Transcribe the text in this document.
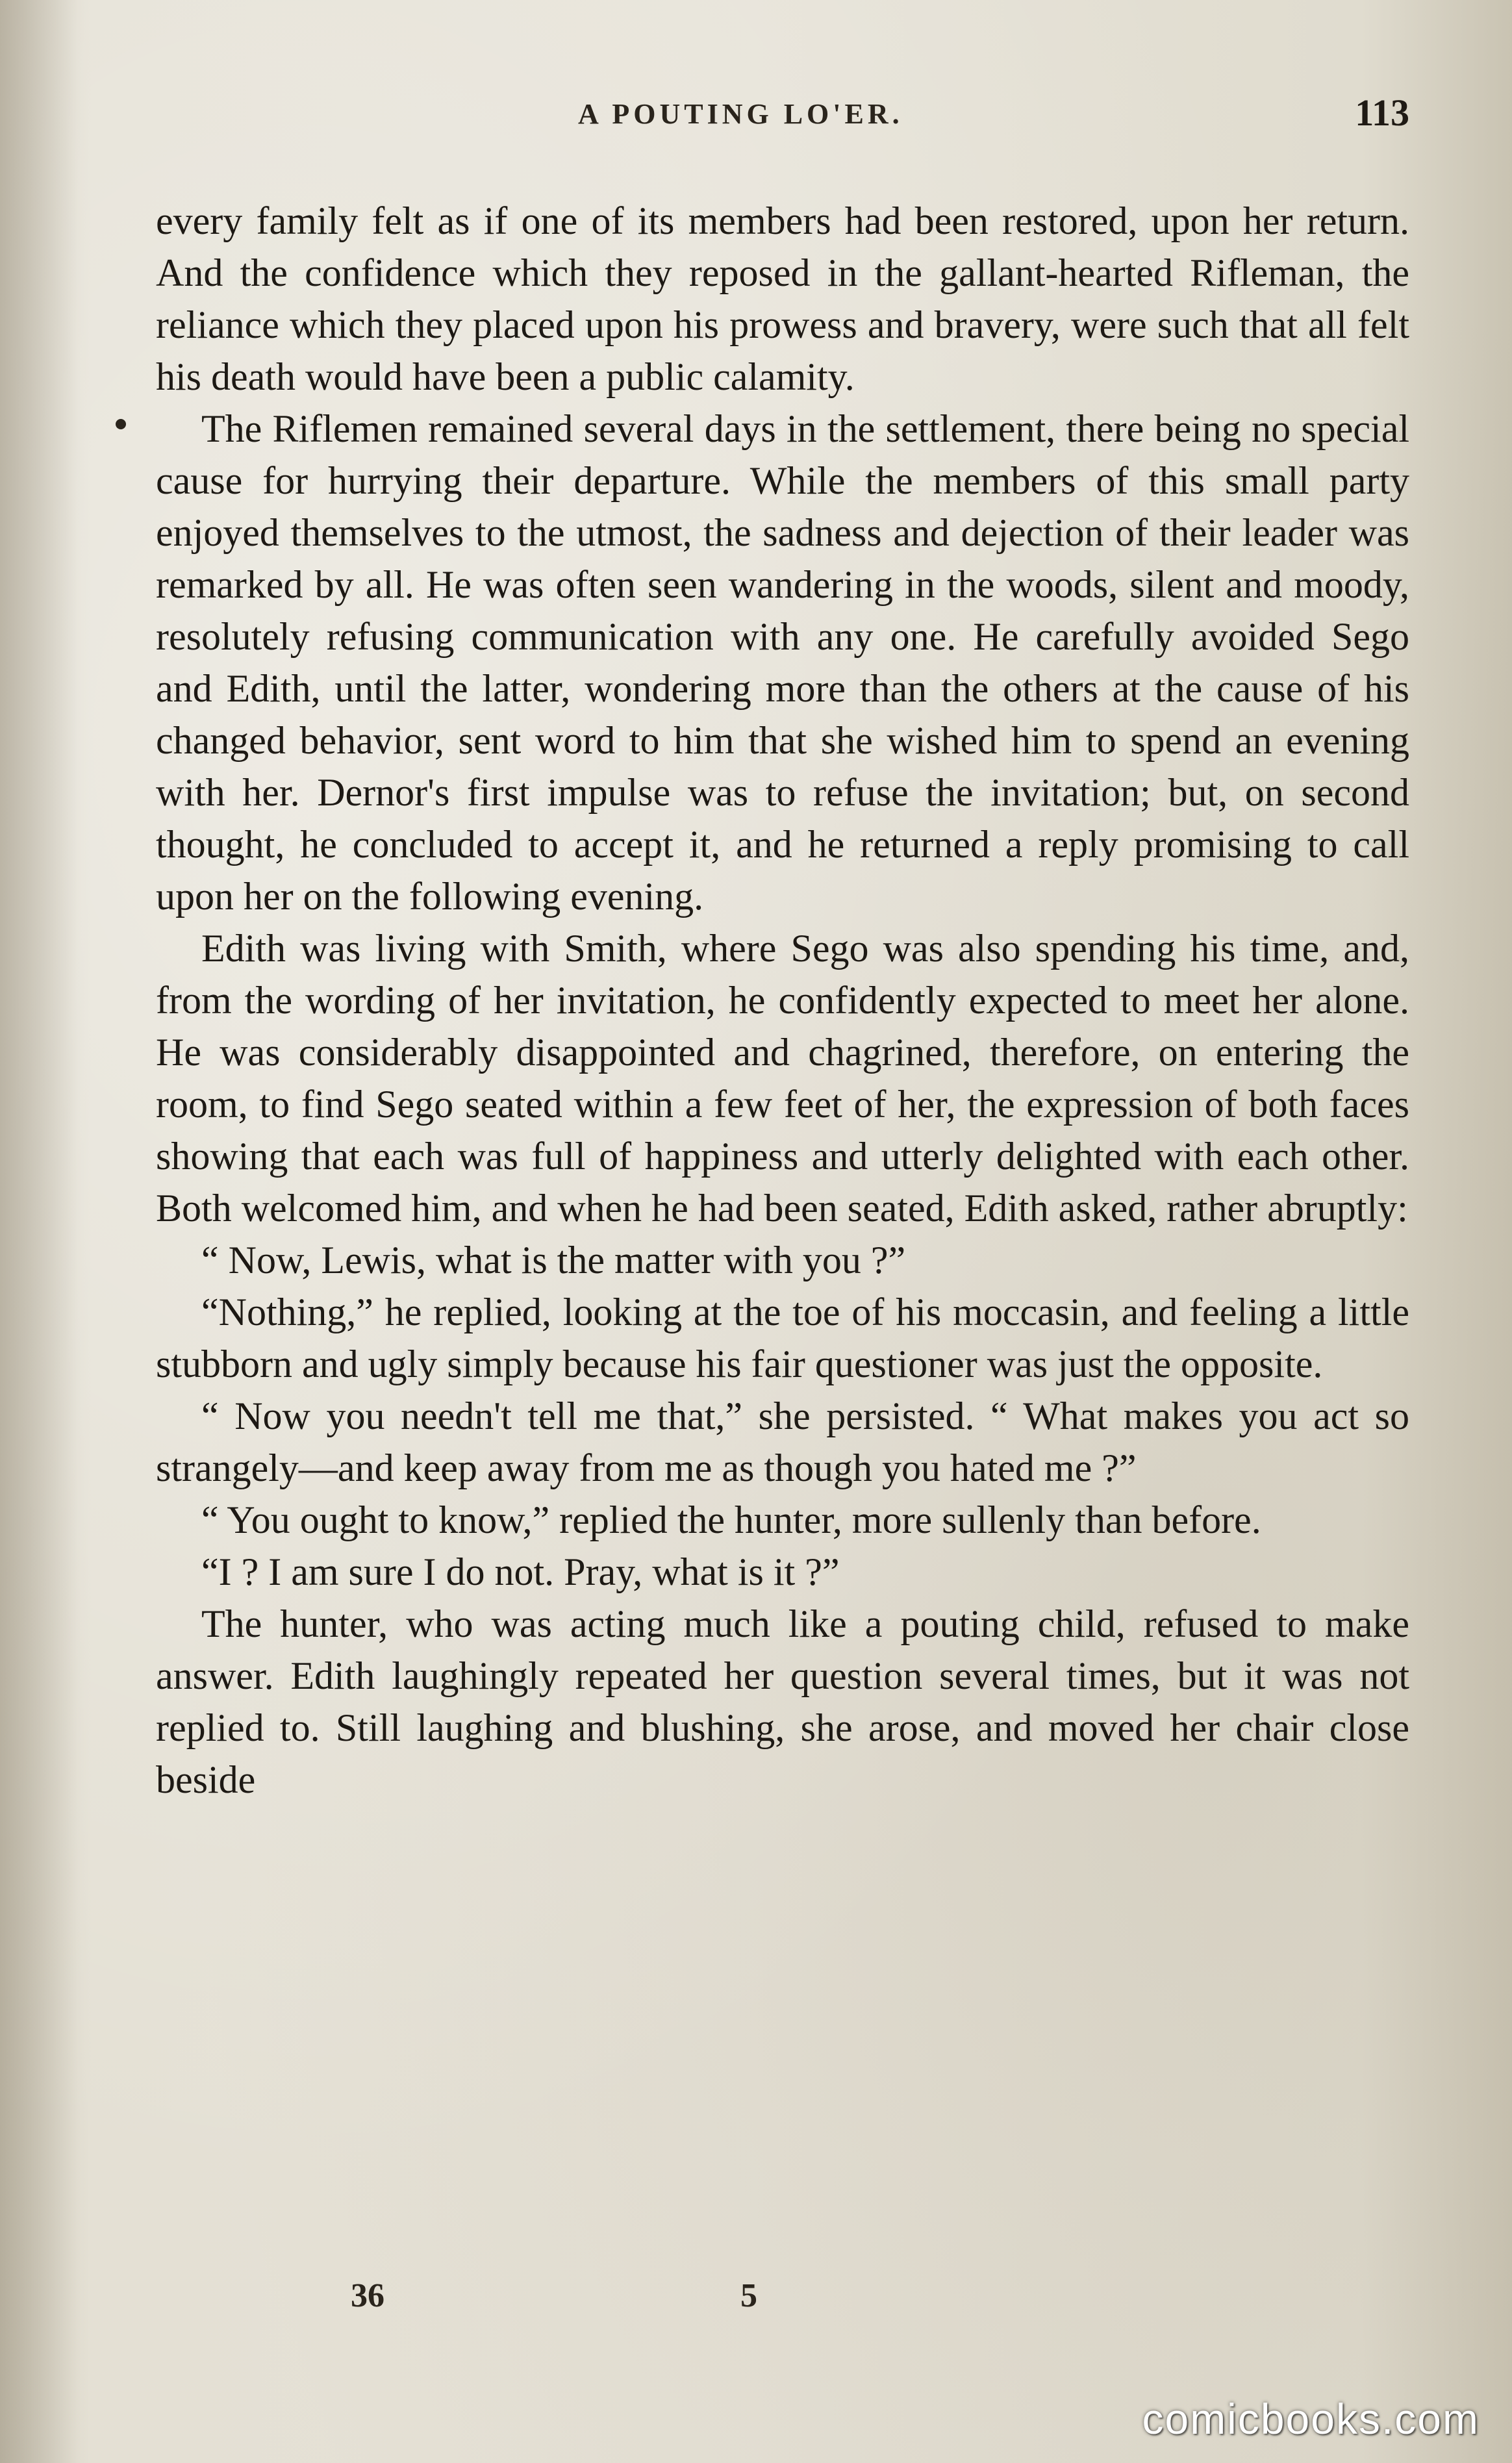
A POUTING LO'ER.	113

every family felt as if one of its members had been restored, upon her return. And the confidence which they reposed in the gallant-hearted Rifleman, the reliance which they placed upon his prowess and bravery, were such that all felt his death would have been a public calamity.

The Riflemen remained several days in the settlement, there being no special cause for hurrying their departure. While the members of this small party enjoyed themselves to the utmost, the sadness and dejection of their leader was remarked by all. He was often seen wandering in the woods, silent and moody, resolutely refusing communication with any one. He carefully avoided Sego and Edith, until the latter, wondering more than the others at the cause of his changed behavior, sent word to him that she wished him to spend an evening with her. Dernor's first impulse was to refuse the invitation; but, on second thought, he concluded to accept it, and he returned a reply promising to call upon her on the following evening.

Edith was living with Smith, where Sego was also spending his time, and, from the wording of her invitation, he confidently expected to meet her alone. He was considerably disappointed and chagrined, therefore, on entering the room, to find Sego seated within a few feet of her, the expression of both faces showing that each was full of happiness and utterly delighted with each other. Both welcomed him, and when he had been seated, Edith asked, rather abruptly:

“ Now, Lewis, what is the matter with you ?”

“Nothing,” he replied, looking at the toe of his moccasin, and feeling a little stubborn and ugly simply because his fair questioner was just the opposite.

“ Now you needn't tell me that,” she persisted. “ What makes you act so strangely—and keep away from me as though you hated me ?”

“ You ought to know,” replied the hunter, more sullenly than before.

“I ? I am sure I do not. Pray, what is it ?”

The hunter, who was acting much like a pouting child, refused to make answer. Edith laughingly repeated her question several times, but it was not replied to. Still laughing and blushing, she arose, and moved her chair close beside

36	5
comicbooks.com
